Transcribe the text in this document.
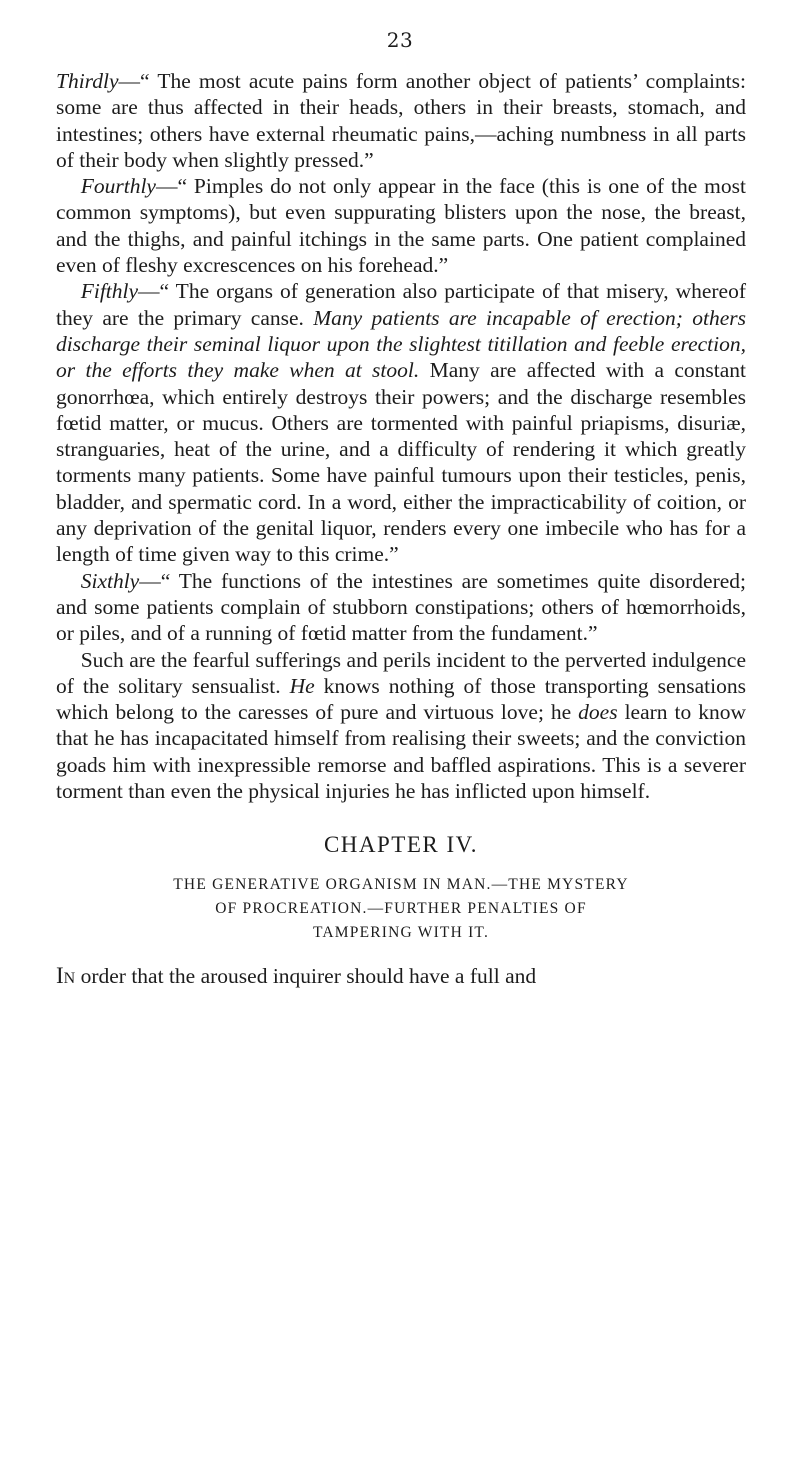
23

Thirdly—“ The most acute pains form another object of patients’ complaints: some are thus affected in their heads, others in their breasts, stomach, and intestines; others have external rheumatic pains,—aching numbness in all parts of their body when slightly pressed.”

Fourthly—“ Pimples do not only appear in the face (this is one of the most common symptoms), but even suppurating blisters upon the nose, the breast, and the thighs, and painful itchings in the same parts. One patient complained even of fleshy excrescences on his forehead.”

Fifthly—“ The organs of generation also participate of that misery, whereof they are the primary canse. Many patients are incapable of erection; others discharge their seminal liquor upon the slightest titillation and feeble erection, or the efforts they make when at stool. Many are affected with a constant gonorrhœa, which entirely destroys their powers; and the discharge resembles fœtid matter, or mucus. Others are tormented with painful priapisms, disuriæ, stranguaries, heat of the urine, and a difficulty of rendering it which greatly torments many patients. Some have painful tumours upon their testicles, penis, bladder, and spermatic cord. In a word, either the impracticability of coition, or any deprivation of the genital liquor, renders every one imbecile who has for a length of time given way to this crime.”

Sixthly—“ The functions of the intestines are sometimes quite disordered; and some patients complain of stubborn constipations; others of hœmorrhoids, or piles, and of a running of fœtid matter from the fundament.”

Such are the fearful sufferings and perils incident to the perverted indulgence of the solitary sensualist. He knows nothing of those transporting sensations which belong to the caresses of pure and virtuous love; he does learn to know that he has incapacitated himself from realising their sweets; and the conviction goads him with inexpressible remorse and baffled aspirations. This is a severer torment than even the physical injuries he has inflicted upon himself.

CHAPTER IV.
THE GENERATIVE ORGANISM IN MAN.—THE MYSTERY
OF PROCREATION.—FURTHER PENALTIES OF
TAMPERING WITH IT.

In order that the aroused inquirer should have a full and
